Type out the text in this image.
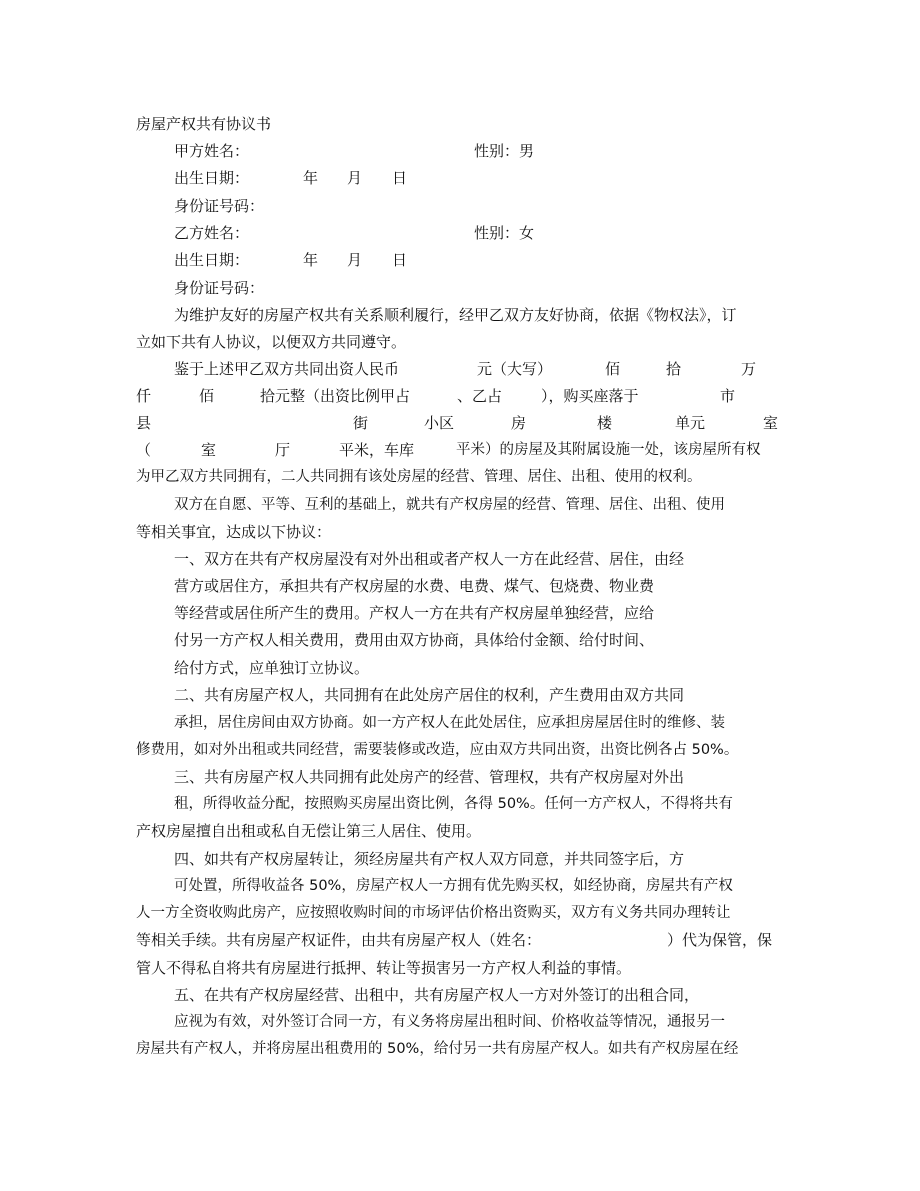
房屋产权共有协议书
甲方姓名：	性别：男
出生日期：	年 月 日
身份证号码：
乙方姓名：	性别：女
出生日期：	年 月 日
身份证号码：
为维护友好的房屋产权共有关系顺利履行，经甲乙双方友好协商，依据《物权法》，订
立如下共有人协议，以便双方共同遵守。
鉴于上述甲乙双方共同出资人民币	元（大写）	佰	拾	万
仟	佰	拾元整（出资比例甲占	、乙占	），购买座落于	市
县	街	小区	房	楼	单元	室
（	室	厅	平米，车库	平米）的房屋及其附属设施一处，该房屋所有权
为甲乙双方共同拥有，二人共同拥有该处房屋的经营、管理、居住、出租、使用的权利。
双方在自愿、平等、互利的基础上，就共有产权房屋的经营、管理、居住、出租、使用
等相关事宜，达成以下协议：
一、双方在共有产权房屋没有对外出租或者产权人一方在此经营、居住，由经
营方或居住方，承担共有产权房屋的水费、电费、煤气、包烧费、物业费
等经营或居住所产生的费用。产权人一方在共有产权房屋单独经营，应给
付另一方产权人相关费用，费用由双方协商，具体给付金额、给付时间、
给付方式，应单独订立协议。
二、共有房屋产权人，共同拥有在此处房产居住的权利，产生费用由双方共同
承担，居住房间由双方协商。如一方产权人在此处居住，应承担房屋居住时的维修、装
修费用，如对外出租或共同经营，需要装修或改造，应由双方共同出资，出资比例各占 50%。
三、共有房屋产权人共同拥有此处房产的经营、管理权，共有产权房屋对外出
租，所得收益分配，按照购买房屋出资比例，各得 50%。任何一方产权人，不得将共有
产权房屋擅自出租或私自无偿让第三人居住、使用。
四、如共有产权房屋转让，须经房屋共有产权人双方同意，并共同签字后，方
可处置，所得收益各 50%，房屋产权人一方拥有优先购买权，如经协商，房屋共有产权
人一方全资收购此房产，应按照收购时间的市场评估价格出资购买，双方有义务共同办理转让
等相关手续。共有房屋产权证件，由共有房屋产权人（姓名：	）代为保管，保
管人不得私自将共有房屋进行抵押、转让等损害另一方产权人利益的事情。
五、在共有产权房屋经营、出租中，共有房屋产权人一方对外签订的出租合同，
应视为有效，对外签订合同一方，有义务将房屋出租时间、价格收益等情况，通报另一
房屋共有产权人，并将房屋出租费用的 50%，给付另一共有房屋产权人。如共有产权房屋在经
